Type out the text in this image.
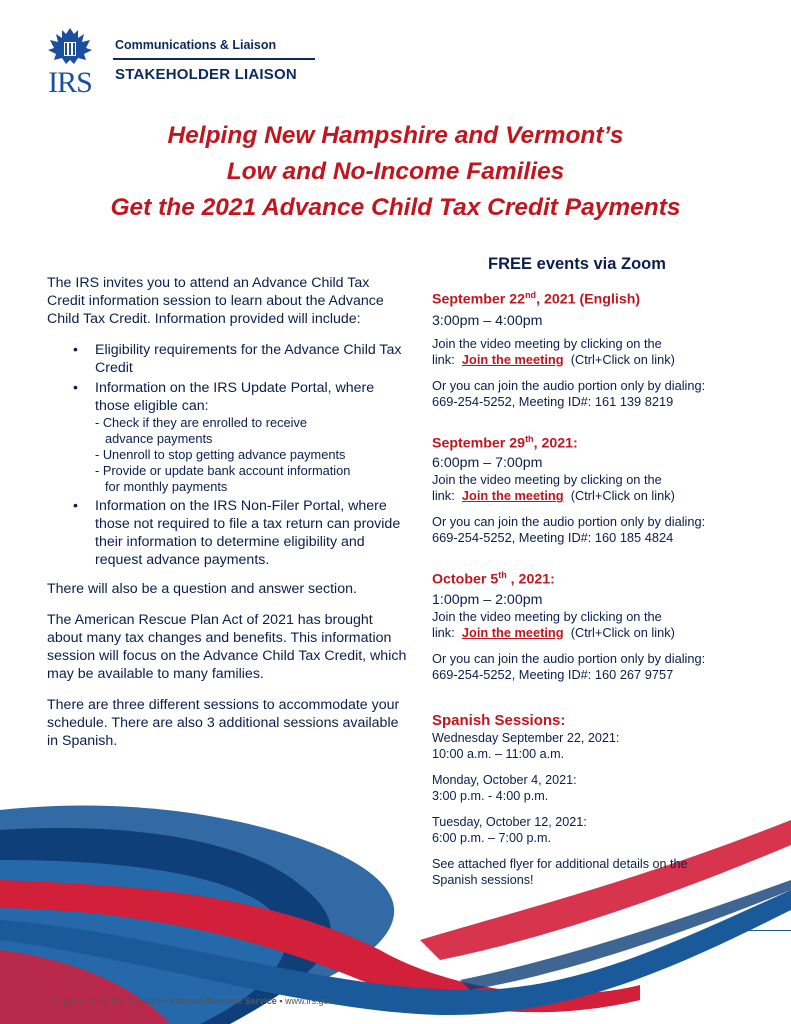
IRS
Communications & Liaison
STAKEHOLDER LIAISON
Helping New Hampshire and Vermont’s
Low and No-Income Families
Get the 2021 Advance Child Tax Credit Payments

The IRS invites you to attend an Advance Child Tax Credit information session to learn about the Advance Child Tax Credit. Information provided will include:

• Eligibility requirements for the Advance Child Tax Credit
• Information on the IRS Update Portal, where those eligible can:
- Check if they are enrolled to receive
advance payments
- Unenroll to stop getting advance payments
- Provide or update bank account information
for monthly payments
• Information on the IRS Non-Filer Portal, where those not required to file a tax return can provide their information to determine eligibility and request advance payments.

There will also be a question and answer section.

The American Rescue Plan Act of 2021 has brought about many tax changes and benefits. This information session will focus on the Advance Child Tax Credit, which may be available to many families.

There are three different sessions to accommodate your schedule. There are also 3 additional sessions available in Spanish.

FREE events via Zoom
September 22nd, 2021 (English)
3:00pm – 4:00pm
Join the video meeting by clicking on the
link: Join the meeting (Ctrl+Click on link)
Or you can join the audio portion only by dialing:
669-254-5252, Meeting ID#: 161 139 8219
September 29th, 2021:
6:00pm – 7:00pm
Join the video meeting by clicking on the
link: Join the meeting (Ctrl+Click on link)
Or you can join the audio portion only by dialing:
669-254-5252, Meeting ID#: 160 185 4824
October 5th , 2021:
1:00pm – 2:00pm
Join the video meeting by clicking on the
link: Join the meeting (Ctrl+Click on link)
Or you can join the audio portion only by dialing:
669-254-5252, Meeting ID#: 160 267 9757
Spanish Sessions:
Wednesday September 22, 2021:
10:00 a.m. – 11:00 a.m.
Monday, October 4, 2021:
3:00 p.m. - 4:00 p.m.
Tuesday, October 12, 2021:
6:00 p.m. – 7:00 p.m.
See attached flyer for additional details on the Spanish sessions!
Department of the Treasury ▪ Internal Revenue Service ▪ www.irs.gov
